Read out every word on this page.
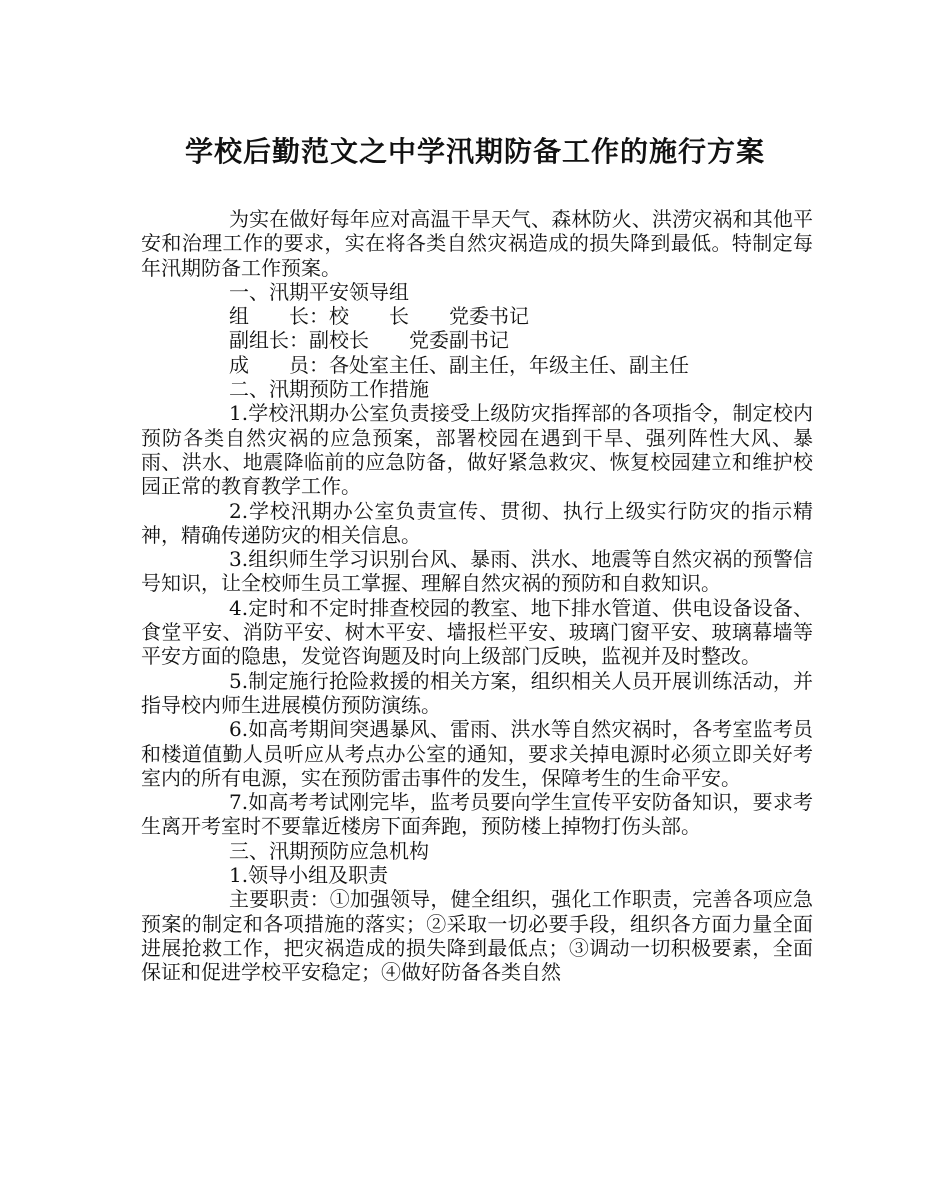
学校后勤范文之中学汛期防备工作的施行方案

为实在做好每年应对高温干旱天气、森林防火、洪涝灾祸和其他平安和治理工作的要求，实在将各类自然灾祸造成的损失降到最低。特制定每年汛期防备工作预案。

一、汛期平安领导组

组　　长：校　　长　　党委书记

副组长：副校长　　党委副书记

成　　员：各处室主任、副主任，年级主任、副主任

二、汛期预防工作措施

1.学校汛期办公室负责接受上级防灾指挥部的各项指令，制定校内预防各类自然灾祸的应急预案，部署校园在遇到干旱、强列阵性大风、暴雨、洪水、地震降临前的应急防备，做好紧急救灾、恢复校园建立和维护校园正常的教育教学工作。

2.学校汛期办公室负责宣传、贯彻、执行上级实行防灾的指示精神，精确传递防灾的相关信息。

3.组织师生学习识别台风、暴雨、洪水、地震等自然灾祸的预警信号知识，让全校师生员工掌握、理解自然灾祸的预防和自救知识。

4.定时和不定时排查校园的教室、地下排水管道、供电设备设备、食堂平安、消防平安、树木平安、墙报栏平安、玻璃门窗平安、玻璃幕墙等平安方面的隐患，发觉咨询题及时向上级部门反映，监视并及时整改。

5.制定施行抢险救援的相关方案，组织相关人员开展训练活动，并指导校内师生进展模仿预防演练。

6.如高考期间突遇暴风、雷雨、洪水等自然灾祸时，各考室监考员和楼道值勤人员听应从考点办公室的通知，要求关掉电源时必须立即关好考室内的所有电源，实在预防雷击事件的发生，保障考生的生命平安。

7.如高考考试刚完毕，监考员要向学生宣传平安防备知识，要求考生离开考室时不要靠近楼房下面奔跑，预防楼上掉物打伤头部。

三、汛期预防应急机构

1.领导小组及职责

主要职责：①加强领导，健全组织，强化工作职责，完善各项应急预案的制定和各项措施的落实；②采取一切必要手段，组织各方面力量全面进展抢救工作，把灾祸造成的损失降到最低点；③调动一切积极要素，全面保证和促进学校平安稳定；④做好防备各类自然
